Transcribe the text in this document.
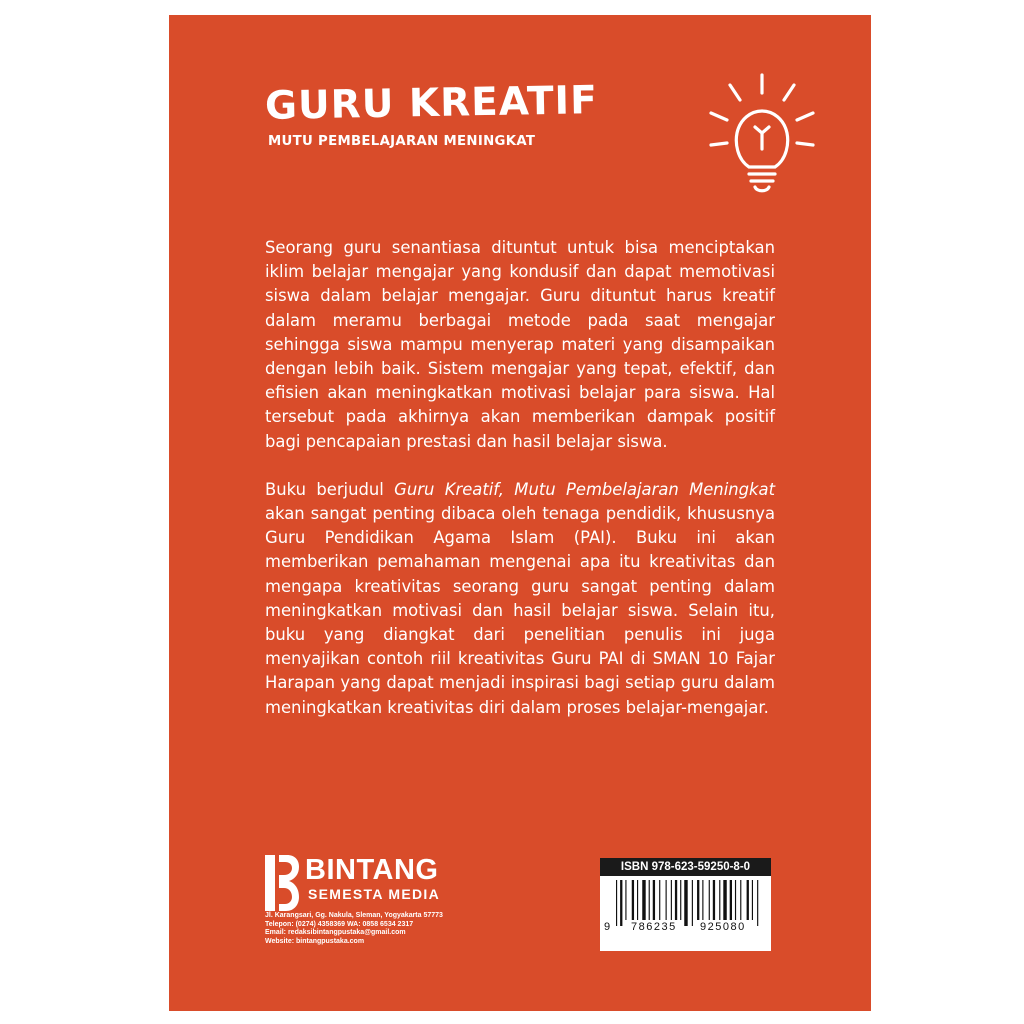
GURU KREATIF
MUTU PEMBELAJARAN MENINGKAT

Seorang guru senantiasa dituntut untuk bisa menciptakan iklim belajar mengajar yang kondusif dan dapat memotivasi siswa dalam belajar mengajar. Guru dituntut harus kreatif dalam meramu berbagai metode pada saat mengajar sehingga siswa mampu menyerap materi yang disampaikan dengan lebih baik. Sistem mengajar yang tepat, efektif, dan efisien akan meningkatkan motivasi belajar para siswa. Hal tersebut pada akhirnya akan memberikan dampak positif bagi pencapaian prestasi dan hasil belajar siswa.

Buku berjudul Guru Kreatif, Mutu Pembelajaran Meningkat akan sangat penting dibaca oleh tenaga pendidik, khususnya Guru Pendidikan Agama Islam (PAI). Buku ini akan memberikan pemahaman mengenai apa itu kreativitas dan mengapa kreativitas seorang guru sangat penting dalam meningkatkan motivasi dan hasil belajar siswa. Selain itu, buku yang diangkat dari penelitian penulis ini juga menyajikan contoh riil kreativitas Guru PAI di SMAN 10 Fajar Harapan yang dapat menjadi inspirasi bagi setiap guru dalam meningkatkan kreativitas diri dalam proses belajar-mengajar.

BINTANG
SEMESTA MEDIA
Jl. Karangsari, Gg. Nakula, Sleman, Yogyakarta 57773
Telepon: (0274) 4358369 WA: 0858 6534 2317
Email: redaksibintangpustaka@gmail.com
Website: bintangpustaka.com
ISBN 978-623-59250-8-0
9 786235 925080
